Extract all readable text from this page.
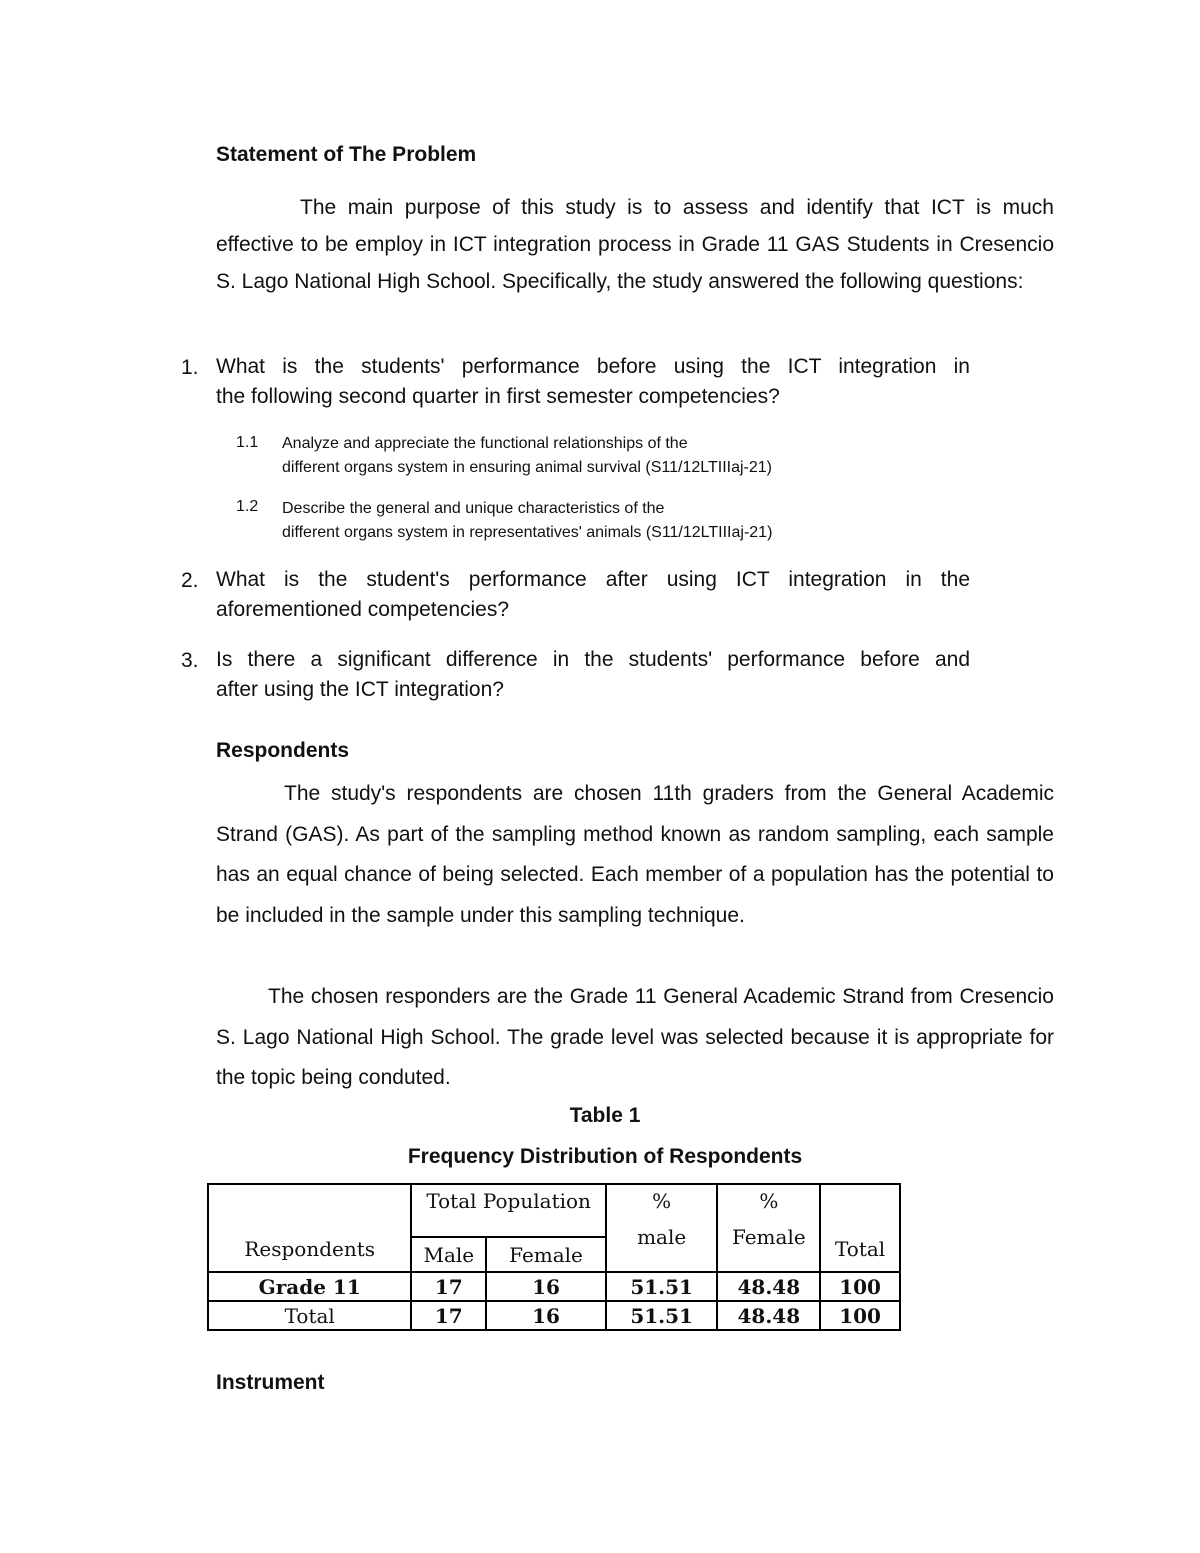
Statement of The Problem

The main purpose of this study is to assess and identify that ICT is much effective to be employ in ICT integration process in Grade 11 GAS Students in Cresencio S. Lago National High School. Specifically, the study answered the following questions:

1. What is the students' performance before using the ICT integration in
the following second quarter in first semester competencies?
1.1 Analyze and appreciate the functional relationships of the
different organs system in ensuring animal survival (S11/12LTIIIaj-21)
1.2 Describe the general and unique characteristics of the
different organs system in representatives' animals (S11/12LTIIIaj-21)
2. What is the student's performance after using ICT integration in the
aforementioned competencies?
3. Is there a significant difference in the students' performance before and
after using the ICT integration?
Respondents

The study's respondents are chosen 11th graders from the General Academic Strand (GAS). As part of the sampling method known as random sampling, each sample has an equal chance of being selected. Each member of a population has the potential to be included in the sample under this sampling technique.

The chosen responders are the Grade 11 General Academic Strand from Cresencio S. Lago National High School. The grade level was selected because it is appropriate for the topic being conduted.

Table 1
Frequency Distribution of Respondents
Respondents	Total Population		%	%	Total
	Male	Female	male	Female	
Grade 11	17	16	51.51	48.48	100
Total	17	16	51.51	48.48	100
Instrument
